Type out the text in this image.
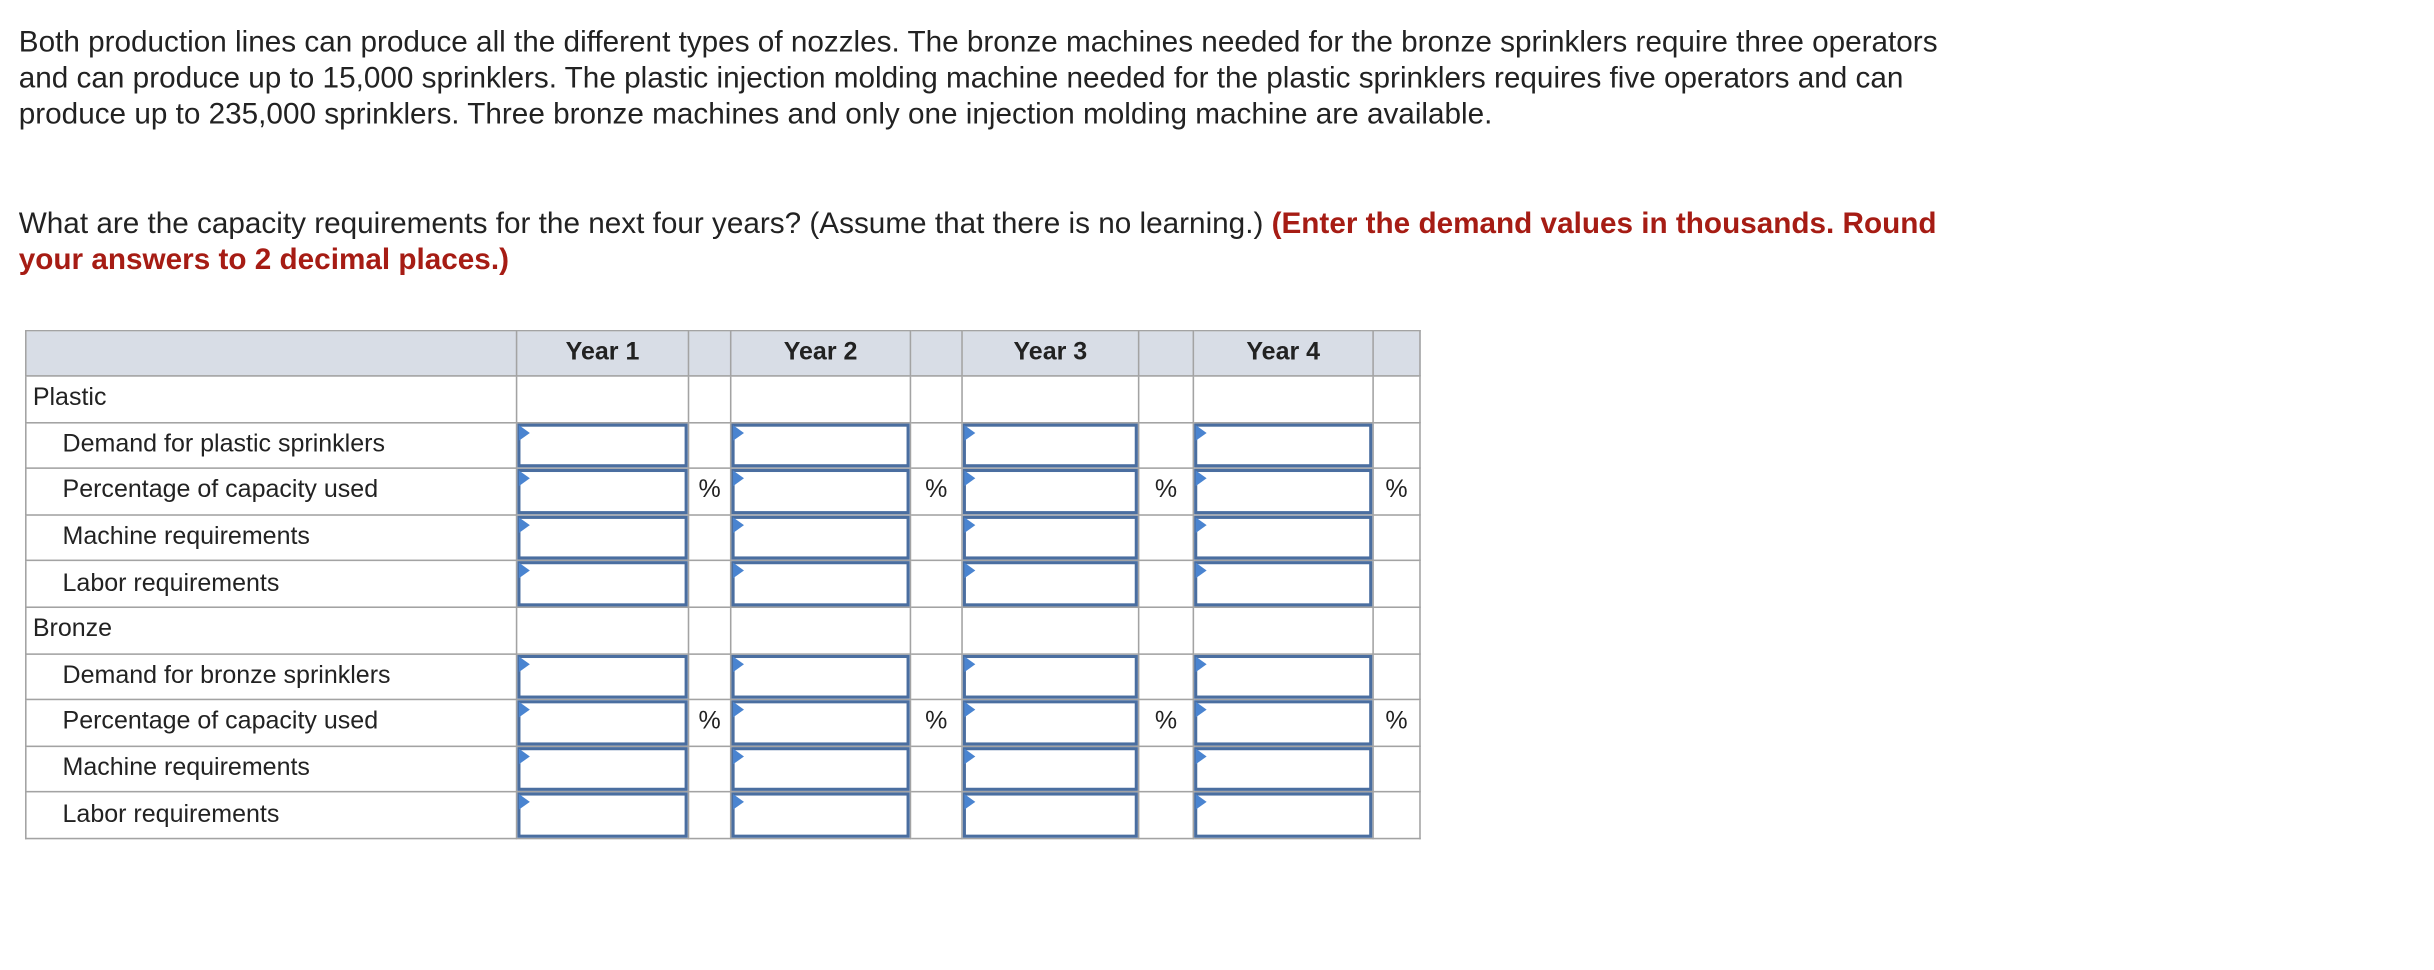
Both production lines can produce all the different types of nozzles. The bronze machines needed for the bronze sprinklers require three operators and can produce up to 15,000 sprinklers. The plastic injection molding machine needed for the plastic sprinklers requires five operators and can produce up to 235,000 sprinklers. Three bronze machines and only one injection molding machine are available.

What are the capacity requirements for the next four years? (Assume that there is no learning.) (Enter the demand values in thousands. Round your answers to 2 decimal places.)

	Year 1		Year 2		Year 3		Year 4	
Plastic								
Demand for plastic sprinklers	

Percentage of capacity used		%		%		%		%
Machine requirements	

Labor requirements	

Bronze								
Demand for bronze sprinklers	

Percentage of capacity used		%		%		%		%
Machine requirements	

Labor requirements	
